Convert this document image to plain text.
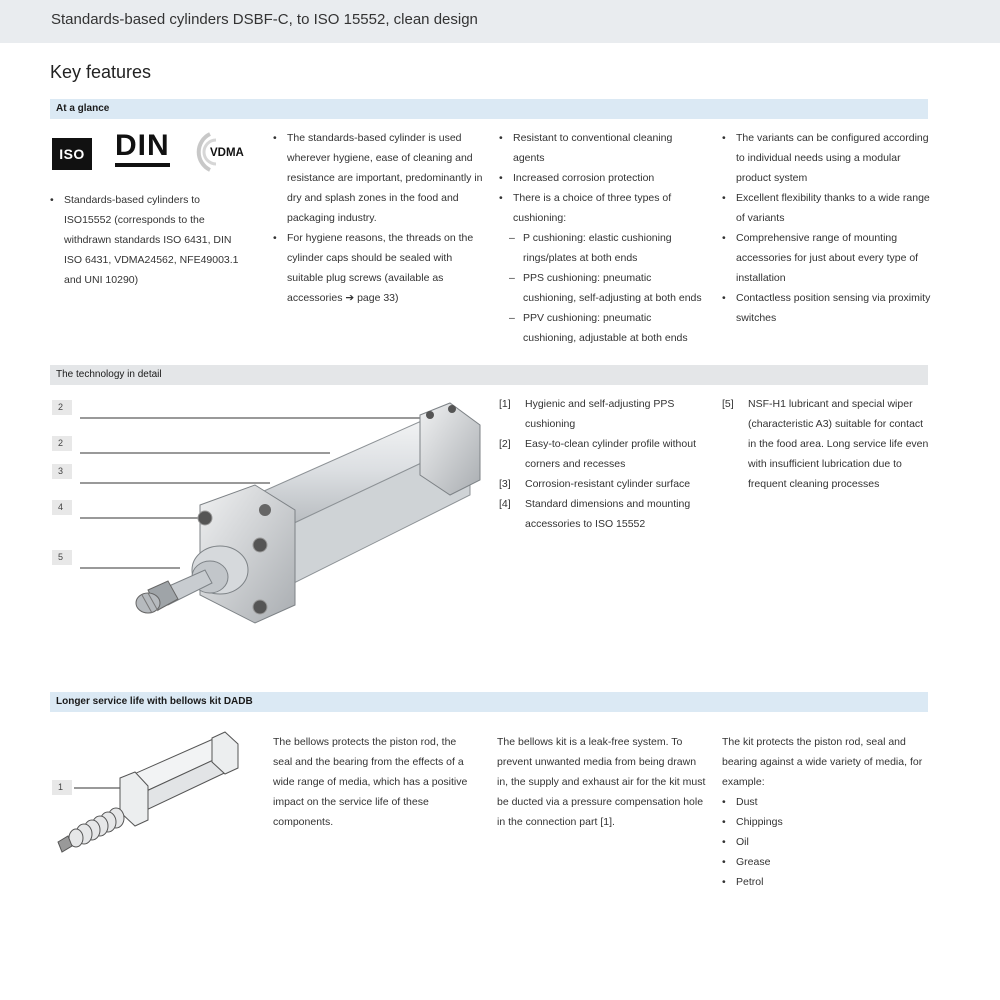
Standards-based cylinders DSBF-C, to ISO 15552, clean design
Key features
At a glance
ISO DIN	VDMA
• Standards-based cylinders to ISO15552 (corresponds to the withdrawn standards ISO 6431, DIN ISO 6431, VDMA24562, NFE49003.1 and UNI 10290)
• The standards-based cylinder is used wherever hygiene, ease of cleaning and resistance are important, predominantly in dry and splash zones in the food and packaging industry.
• For hygiene reasons, the threads on the cylinder caps should be sealed with suitable plug screws (available as accessories ➔ page 33)
• Resistant to conventional cleaning agents
• Increased corrosion protection
• There is a choice of three types of cushioning:
– P cushioning: elastic cushioning rings/plates at both ends
– PPS cushioning: pneumatic cushioning, self-adjusting at both ends
– PPV cushioning: pneumatic cushioning, adjustable at both ends
• The variants can be configured according to individual needs using a modular product system
• Excellent flexibility thanks to a wide range of variants
• Comprehensive range of mounting accessories for just about every type of installation
• Contactless position sensing via proximity switches
The technology in detail
2
2
3
4
5
[1] Hygienic and self-adjusting PPS cushioning
[2] Easy-to-clean cylinder profile without corners and recesses
[3] Corrosion-resistant cylinder surface
[4] Standard dimensions and mounting accessories to ISO 15552
[5] NSF-H1 lubricant and special wiper (characteristic A3) suitable for contact in the food area. Long service life even with insufficient lubrication due to frequent cleaning processes
Longer service life with bellows kit DADB
1
The bellows protects the piston rod, the seal and the bearing from the effects of a wide range of media, which has a positive impact on the service life of these components.
The bellows kit is a leak-free system. To prevent unwanted media from being drawn in, the supply and exhaust air for the kit must be ducted via a pressure compensation hole in the connection part [1].
The kit protects the piston rod, seal and bearing against a wide variety of media, for example:
• Dust
• Chippings
• Oil
• Grease
• Petrol
